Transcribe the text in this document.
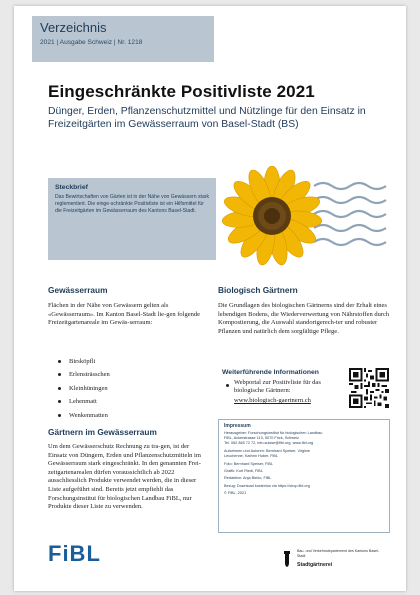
Verzeichnis
2021 | Ausgabe Schweiz | Nr. 1218
Eingeschränkte Positivliste 2021
Dünger, Erden, Pflanzenschutzmittel und Nützlinge für den Einsatz in Freizeitgärten im Gewässerraum von Basel-Stadt (BS)
Steckbrief
Das Bewirtschaften von Gärten ist in der Nähe von Gewässern stark reglementiert. Die einge-schränkte Positivliste ist ein Hilfsmittel für die Freizeitgärten im Gewässerraum des Kantons Basel-Stadt.
Gewässerraum
Flächen in der Nähe von Gewässern gelten als «Gewässerraum». Im Kanton Basel-Stadt lie-gen folgende Freizeitgartenareale im Gewäs-serraum:
Birsköpfli
Erlensträsschen
Kleinhüningen
Lehenmatt
Wenkenmatten
Gärtnern im Gewässerraum
Um dem Gewässerschutz Rechnung zu tra-gen, ist der Einsatz von Düngern, Erden und Pflanzenschutzmitteln im Gewässerraum stark eingeschränkt. In den genannten Frei-zeitgartenarealen dürfen voraussichtlich ab 2022 ausschliesslich Produkte verwendet werden, die in dieser Liste aufgeführt sind. Bereits jetzt empfiehlt das Forschungsinstitut für biologischen Landbau FiBL, nur Produkte dieser Liste zu verwenden.
Biologisch Gärtnern
Die Grundlagen des biologischen Gärtnerns sind der Erhalt eines lebendigen Bodens, die Wiederverwertung von Nährstoffen durch Kompostierung, die Auswahl standortgerech-ter und robuster Pflanzen und natürlich dem sorgfältige Pflege.
Weiterführende Informationen
Webportal zur Positivliste für das biologische Gärtnern:
www.biologisch-gaertnern.ch
Impressum
Herausgeber: Forschungsinstitut für biologischen Landbau
FiBL, Ackerstrasse 113, 5070 Frick, Schweiz
Tel. 062 865 72 72, info.suisse@fibl.org, www.fibl.org
Autorinnen und Autoren: Bernhard Speiser, Virginie
Leuchenne, Kathrin Huber, FiBL
Foto: Bernhard Speiser, FiBL
Grafik: Kurt Riedi, FiBL
Redaktion: Anja Bieöo, FiBL
Bezug: Download kostenlos via https://shop.fibl.org
© FiBL, 2021
FiBL	Bau- und Verkehrsdepartement des Kantons Basel-Stadt
Stadtgärtnerei
